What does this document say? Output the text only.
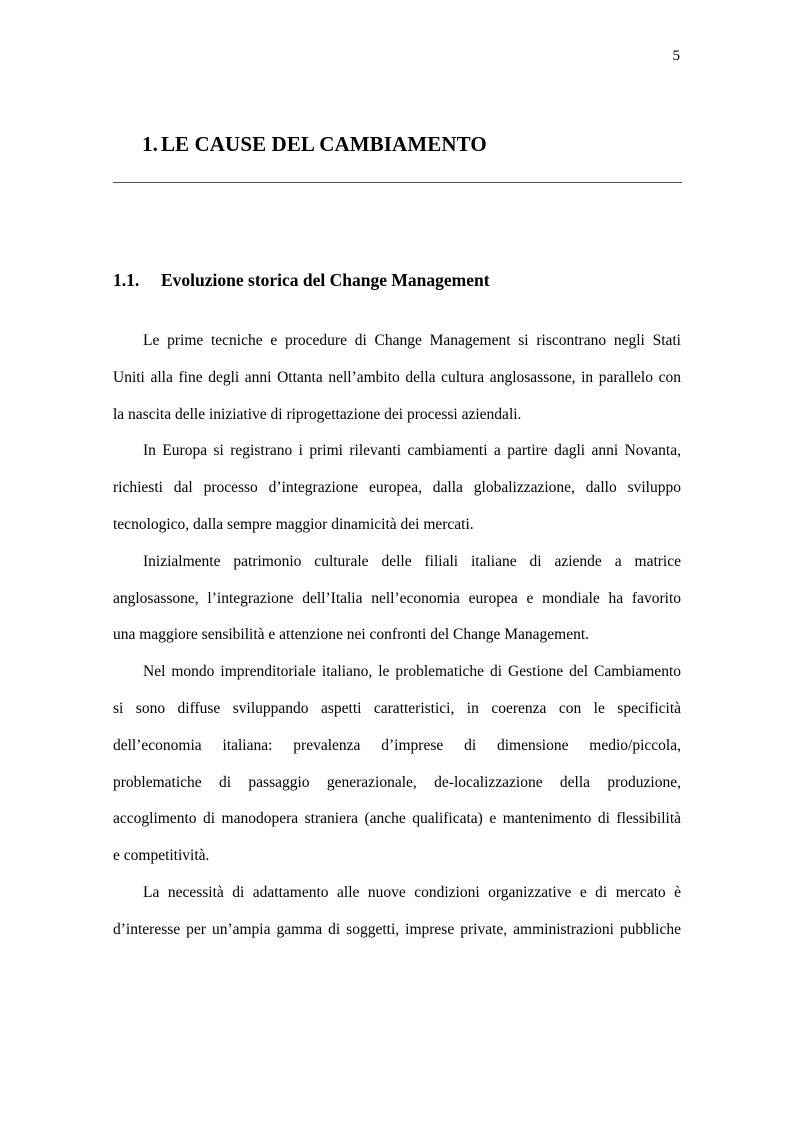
5
1. LE CAUSE DEL CAMBIAMENTO
1.1. Evoluzione storica del Change Management
Le prime tecniche e procedure di Change Management si riscontrano negli Stati
Uniti alla fine degli anni Ottanta nell’ambito della cultura anglosassone, in parallelo con
la nascita delle iniziative di riprogettazione dei processi aziendali.
In Europa si registrano i primi rilevanti cambiamenti a partire dagli anni Novanta,
richiesti dal processo d’integrazione europea, dalla globalizzazione, dallo sviluppo
tecnologico, dalla sempre maggior dinamicità dei mercati.
Inizialmente patrimonio culturale delle filiali italiane di aziende a matrice
anglosassone, l’integrazione dell’Italia nell’economia europea e mondiale ha favorito
una maggiore sensibilità e attenzione nei confronti del Change Management.
Nel mondo imprenditoriale italiano, le problematiche di Gestione del Cambiamento
si sono diffuse sviluppando aspetti caratteristici, in coerenza con le specificità
dell’economia italiana: prevalenza d’imprese di dimensione medio/piccola,
problematiche di passaggio generazionale, de-localizzazione della produzione,
accoglimento di manodopera straniera (anche qualificata) e mantenimento di flessibilità
e competitività.
La necessità di adattamento alle nuove condizioni organizzative e di mercato è
d’interesse per un’ampia gamma di soggetti, imprese private, amministrazioni pubbliche
